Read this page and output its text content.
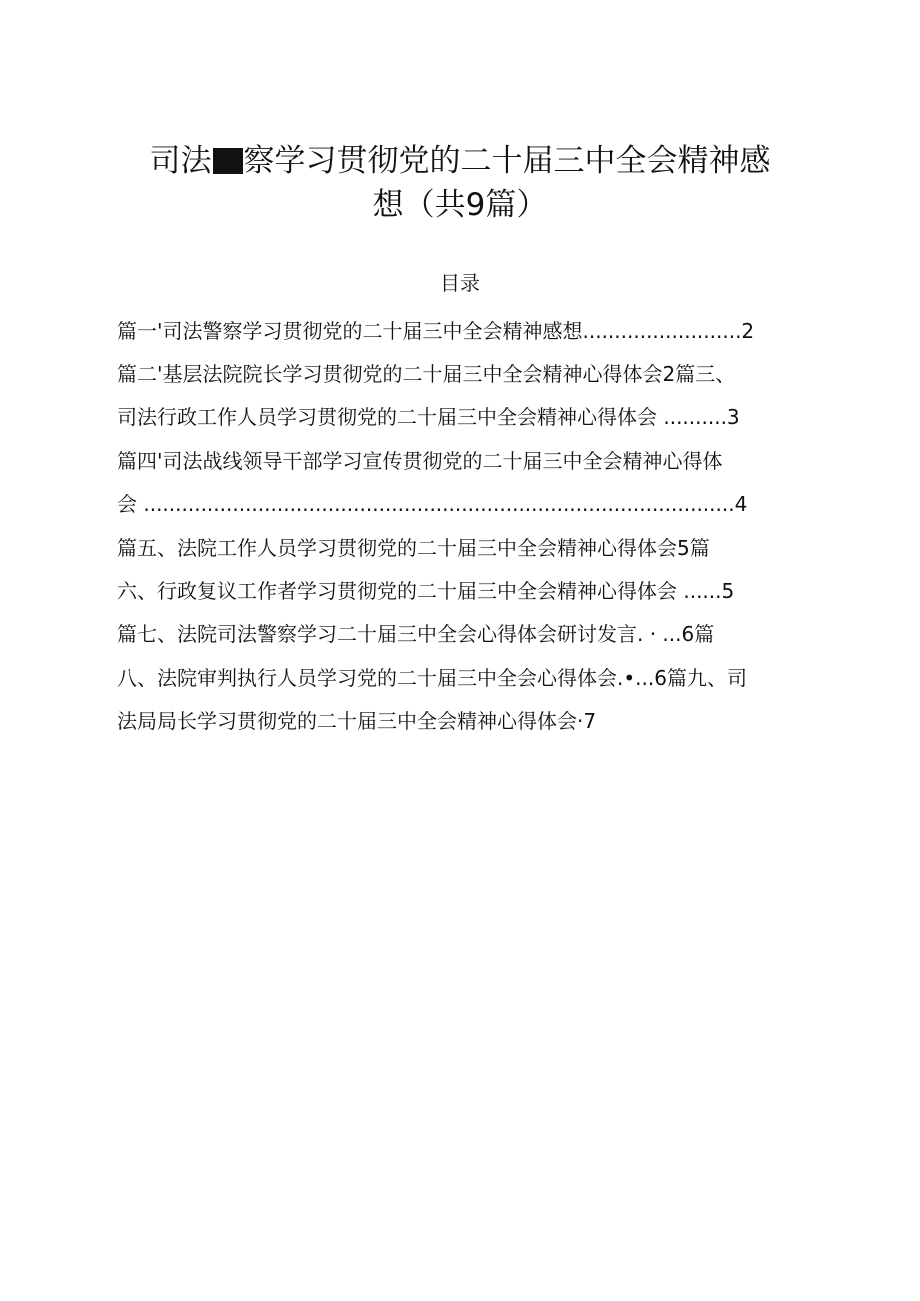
司法 察学习贯彻党的二十届三中全会精神感
想（共9篇）
目录
篇一'司法警察学习贯彻党的二十届三中全会精神感想.........................2
篇二'基层法院院长学习贯彻党的二十届三中全会精神心得体会2篇三、
司法行政工作人员学习贯彻党的二十届三中全会精神心得体会 ..........3
篇四'司法战线领导干部学习宣传贯彻党的二十届三中全会精神心得体
会 .............................................................................................4
篇五、法院工作人员学习贯彻党的二十届三中全会精神心得体会5篇
六、行政复议工作者学习贯彻党的二十届三中全会精神心得体会 ......5
篇七、法院司法警察学习二十届三中全会心得体会研讨发言. · ...6篇
八、法院审判执行人员学习党的二十届三中全会心得体会.•...6篇九、司
法局局长学习贯彻党的二十届三中全会精神心得体会·7
